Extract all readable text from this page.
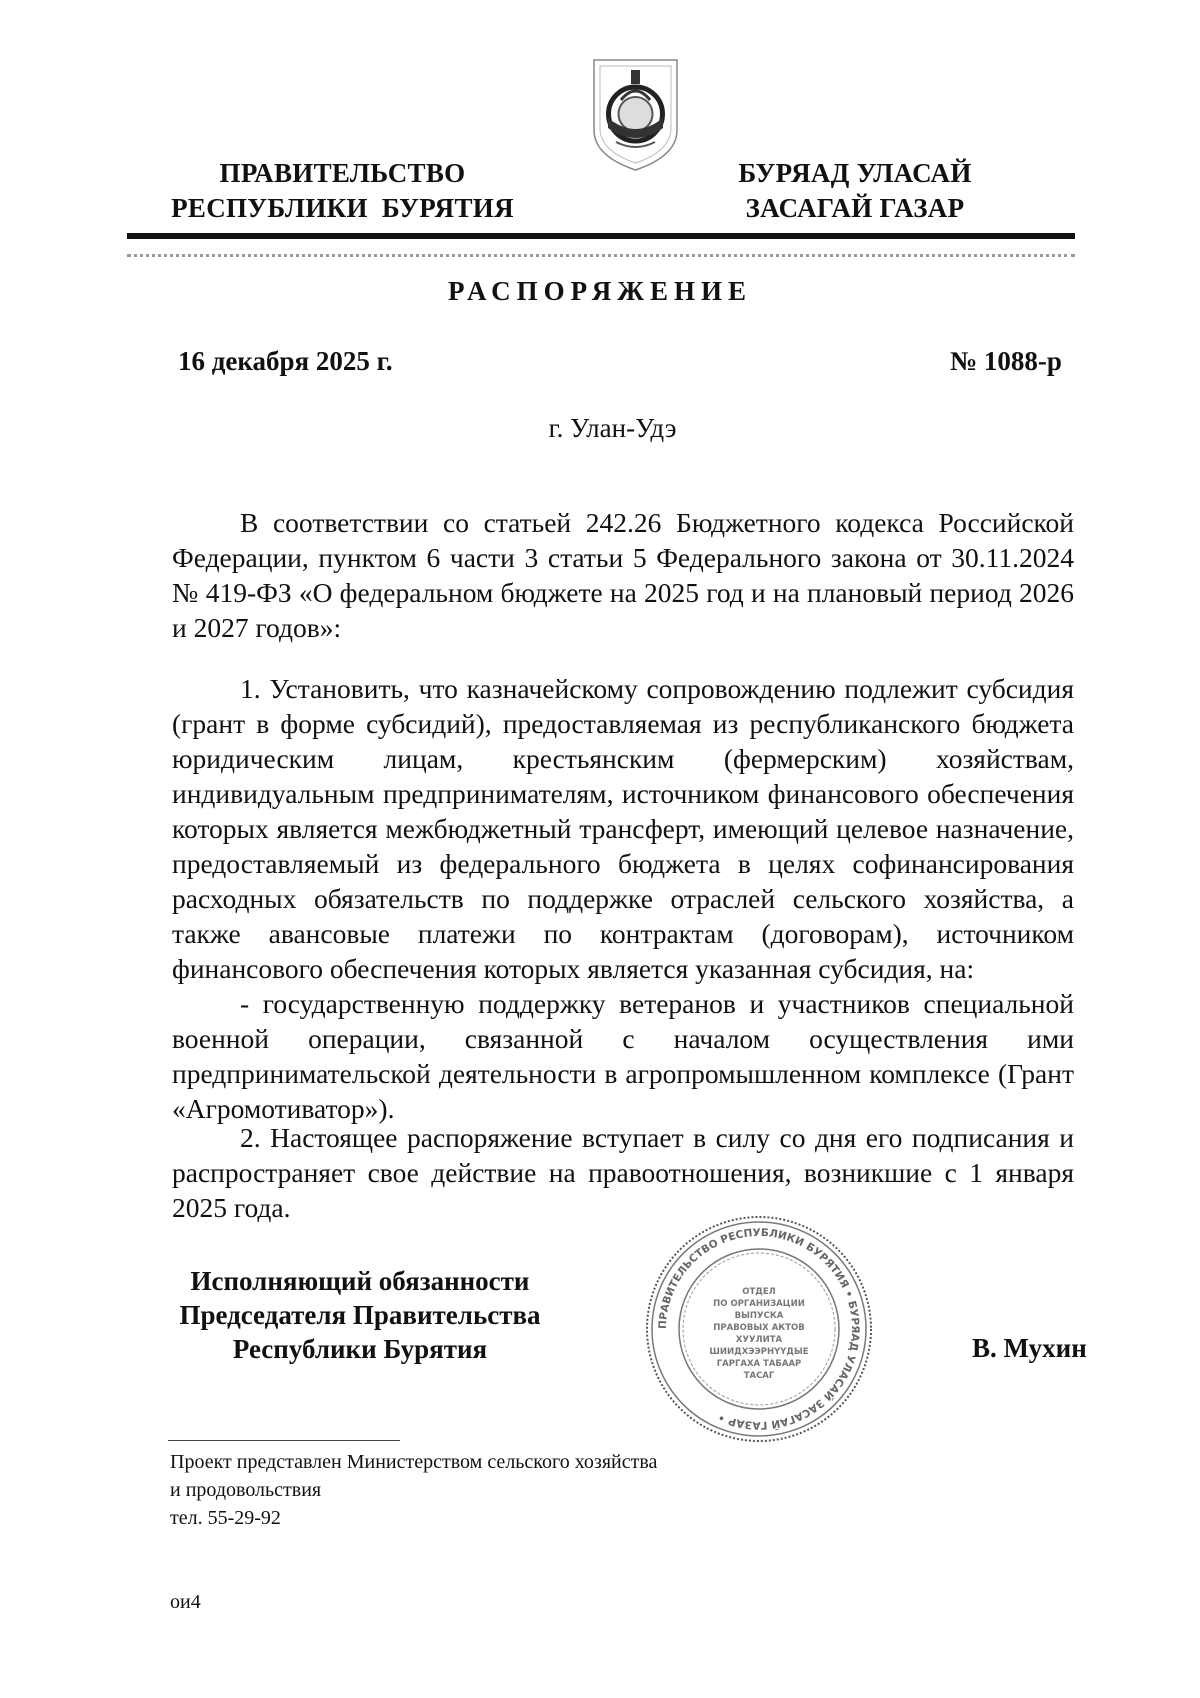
ПРАВИТЕЛЬСТВО
РЕСПУБЛИКИ  БУРЯТИЯ
БУРЯАД УЛАСАЙ
ЗАСАГАЙ ГАЗАР
РАСПОРЯЖЕНИЕ
16 декабря 2025 г.	№ 1088-р
г. Улан-Удэ

В соответствии со статьей 242.26 Бюджетного кодекса Российской Федерации, пунктом 6 части 3 статьи 5 Федерального закона от 30.11.2024 № 419-ФЗ «О федеральном бюджете на 2025 год и на плановый период 2026 и 2027 годов»:

1. Установить, что казначейскому сопровождению подлежит субсидия (грант в форме субсидий), предоставляемая из республиканского бюджета юридическим лицам, крестьянским (фермерским) хозяйствам, индивидуальным предпринимателям, источником финансового обеспечения которых является межбюджетный трансферт, имеющий целевое назначение, предоставляемый из федерального бюджета в целях софинансирования расходных обязательств по поддержке отраслей сельского хозяйства, а также авансовые платежи по контрактам (договорам), источником финансового обеспечения которых является указанная субсидия, на:

- государственную поддержку ветеранов и участников специальной военной операции, связанной с началом осуществления ими предпринимательской деятельности в агропромышленном комплексе (Грант «Агромотиватор»).

2. Настоящее распоряжение вступает в силу со дня его подписания и распространяет свое действие на правоотношения, возникшие с 1 января 2025 года.

Исполняющий обязанности
Председателя Правительства
Республики Бурятия
ПРАВИТЕЛЬСТВО РЕСПУБЛИКИ БУРЯТИЯ • БУРЯАД УЛАСАЙ ЗАСАГАЙ ГАЗАР •
ОТДЕЛ
ПО ОРГАНИЗАЦИИ
ВЫПУСКА
ПРАВОВЫХ АКТОВ
ХУУЛИТА
ШИИДХЭЭРНҮҮДЫЕ
ГАРГАХА ТАБААР
ТАСАГ
В. Мухин
Проект представлен Министерством сельского хозяйства
и продовольствия
тел. 55-29-92
ои4
